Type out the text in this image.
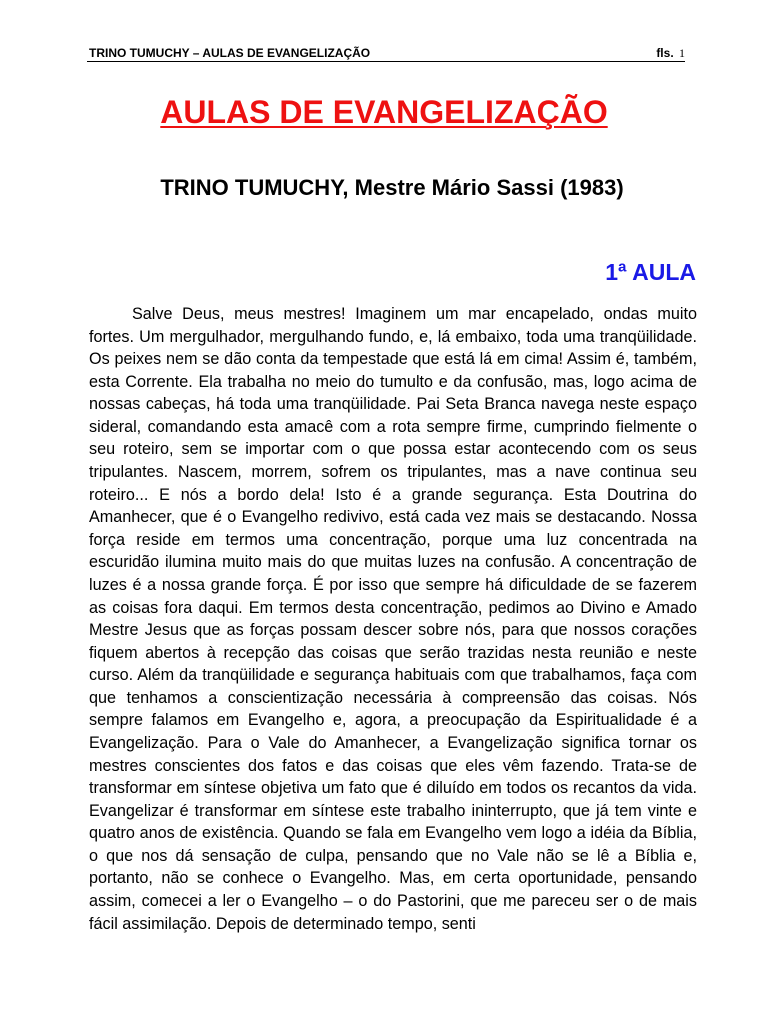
TRINO TUMUCHY – AULAS DE EVANGELIZAÇÃO	fls. 1
AULAS DE EVANGELIZAÇÃO
TRINO TUMUCHY, Mestre Mário Sassi (1983)
1ª AULA

Salve Deus, meus mestres! Imaginem um mar encapelado, ondas muito fortes. Um mergulhador, mergulhando fundo, e, lá embaixo, toda uma tranqüilidade. Os peixes nem se dão conta da tempestade que está lá em cima! Assim é, também, esta Corrente. Ela trabalha no meio do tumulto e da confusão, mas, logo acima de nossas cabeças, há toda uma tranqüilidade. Pai Seta Branca navega neste espaço sideral, comandando esta amacê com a rota sempre firme, cumprindo fielmente o seu roteiro, sem se importar com o que possa estar acontecendo com os seus tripulantes. Nascem, morrem, sofrem os tripulantes, mas a nave continua seu roteiro... E nós a bordo dela! Isto é a grande segurança. Esta Doutrina do Amanhecer, que é o Evangelho redivivo, está cada vez mais se destacando. Nossa força reside em termos uma concentração, porque uma luz concentrada na escuridão ilumina muito mais do que muitas luzes na confusão. A concentração de luzes é a nossa grande força. É por isso que sempre há dificuldade de se fazerem as coisas fora daqui. Em termos desta concentração, pedimos ao Divino e Amado Mestre Jesus que as forças possam descer sobre nós, para que nossos corações fiquem abertos à recepção das coisas que serão trazidas nesta reunião e neste curso. Além da tranqüilidade e segurança habituais com que trabalhamos, faça com que tenhamos a conscientização necessária à compreensão das coisas. Nós sempre falamos em Evangelho e, agora, a preocupação da Espiritualidade é a Evangelização. Para o Vale do Amanhecer, a Evangelização significa tornar os mestres conscientes dos fatos e das coisas que eles vêm fazendo. Trata-se de transformar em síntese objetiva um fato que é diluído em todos os recantos da vida. Evangelizar é transformar em síntese este trabalho ininterrupto, que já tem vinte e quatro anos de existência. Quando se fala em Evangelho vem logo a idéia da Bíblia, o que nos dá sensação de culpa, pensando que no Vale não se lê a Bíblia e, portanto, não se conhece o Evangelho. Mas, em certa oportunidade, pensando assim, comecei a ler o Evangelho – o do Pastorini, que me pareceu ser o de mais fácil assimilação. Depois de determinado tempo, senti
